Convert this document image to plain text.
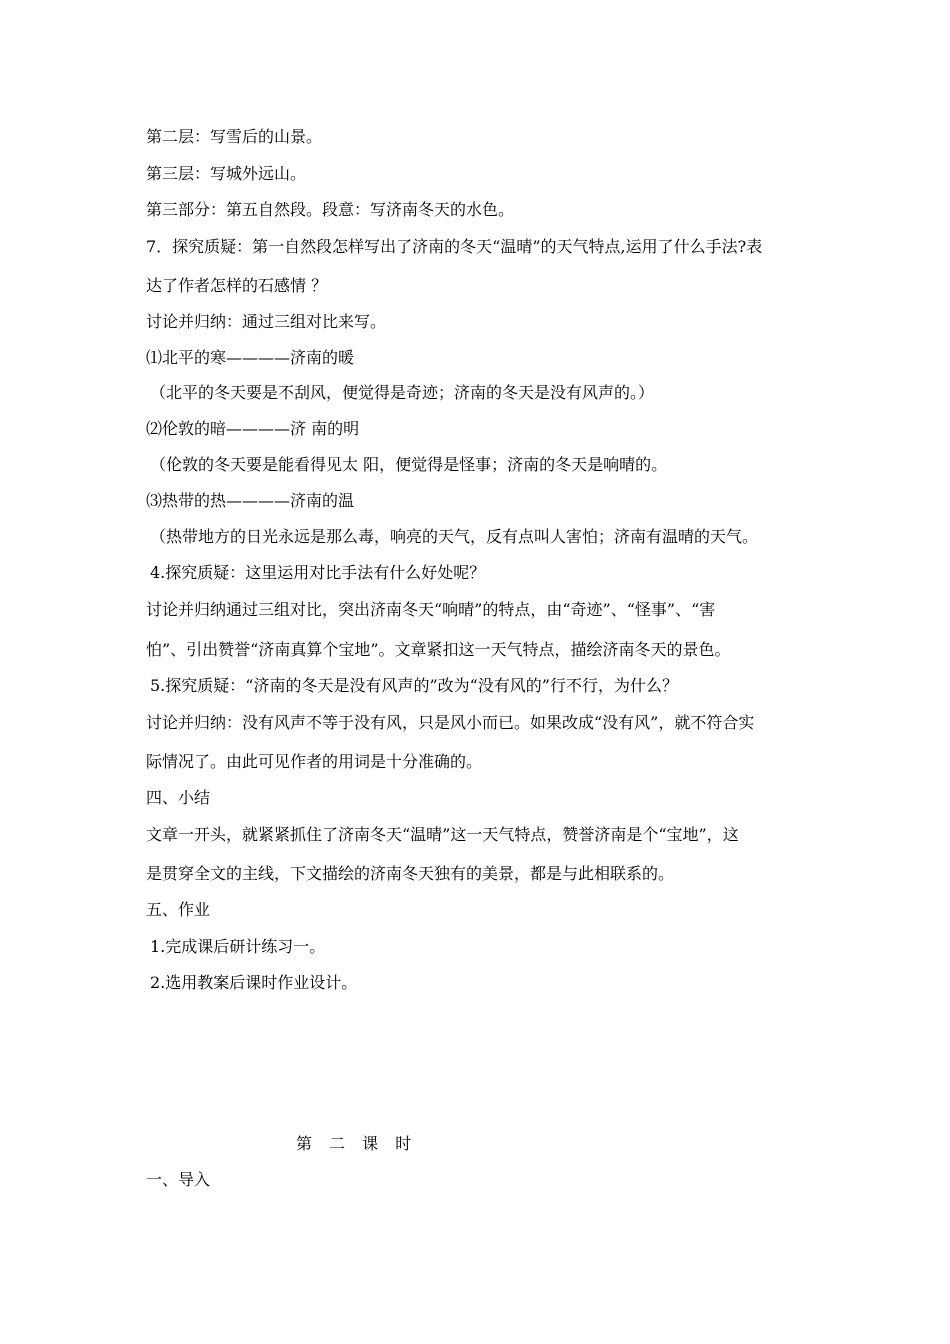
第二层：写雪后的山景。
第三层：写城外远山。
第三部分：第五自然段。段意：写济南冬天的水色。
7．探究质疑：第一自然段怎样写出了济南的冬天“温晴”的天气特点,运用了什么手法?表
达了作者怎样的石感情 ？
讨论并归纳：通过三组对比来写。
⑴北平的寒————济南的暖
（北平的冬天要是不刮风，便觉得是奇迹；济南的冬天是没有风声的。）
⑵伦敦的暗————济 南的明
（伦敦的冬天要是能看得见太 阳，便觉得是怪事；济南的冬天是响晴的。
⑶热带的热————济南的温
（热带地方的日光永远是那么毒，响亮的天气，反有点叫人害怕；济南有温晴的天气。
4.探究质疑：这里运用对比手法有什么好处呢？
讨论并归纳通过三组对比，突出济南冬天“响晴”的特点，由“奇迹”、“怪事”、“害
怕”、引出赞誉“济南真算个宝地”。文章紧扣这一天气特点，描绘济南冬天的景色。
5.探究质疑：“济南的冬天是没有风声的”改为“没有风的”行不行，为什么？
讨论并归纳：没有风声不等于没有风，只是风小而已。如果改成“没有风”，就不符合实
际情况了。由此可见作者的用词是十分准确的。
四、小结
文章一开头，就紧紧抓住了济南冬天“温晴”这一天气特点，赞誉济南是个“宝地”，这
是贯穿全文的主线，下文描绘的济南冬天独有的美景，都是与此相联系的。
五、作业
1.完成课后研计练习一。
2.选用教案后课时作业设计。
第 二 课 时
一、导入
